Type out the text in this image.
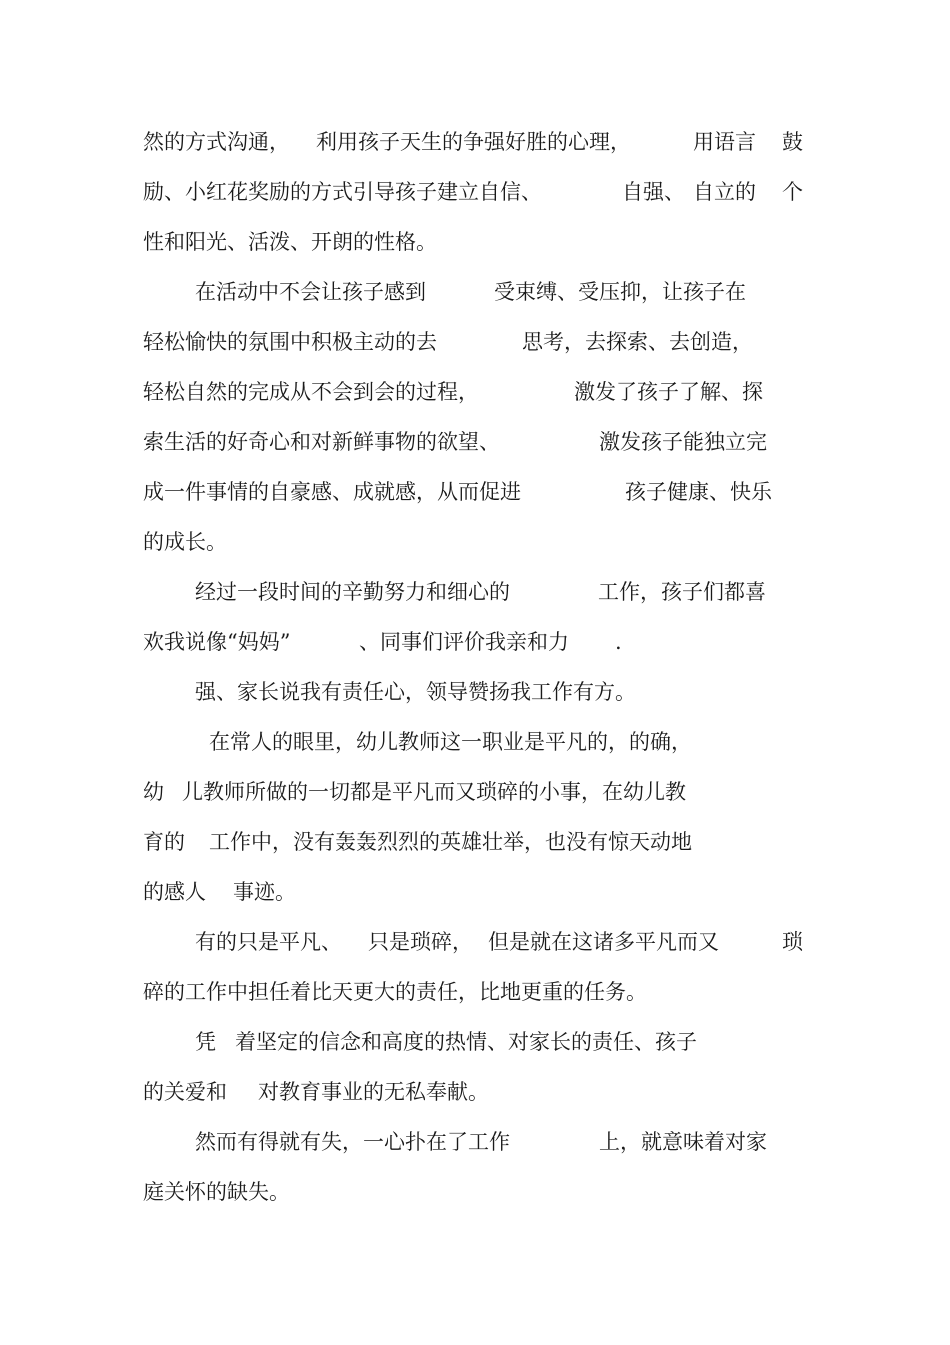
然的方式沟通，

利用孩子天生的争强好胜的心理，

	用语言

鼓

励、小红花奖励的方式引导孩子建立自信、

	自强、

自立的

个

性和阳光、活泼、开朗的性格。

在活动中不会让孩子感到

	受束缚、受压抑，让孩子在

轻松愉快的氛围中积极主动的去

	思考，去探索、去创造，

轻松自然的完成从不会到会的过程，

	激发了孩子了解、探

索生活的好奇心和对新鲜事物的欲望、

	激发孩子能独立完

成一件事情的自豪感、成就感，从而促进

	孩子健康、快乐

的成长。

经过一段时间的辛勤努力和细心的

	工作，孩子们都喜

欢我说像“妈妈”

	、同事们评价我亲和力

.

强、家长说我有责任心，领导赞扬我工作有方。

在常人的眼里，幼儿教师这一职业是平凡的，的确，

幼

儿教师所做的一切都是平凡而又琐碎的小事，在幼儿教

育的

工作中，没有轰轰烈烈的英雄壮举，也没有惊天动地

的感人

事迹。

有的只是平凡、

只是琐碎，

但是就在这诸多平凡而又

	琐

碎的工作中担任着比天更大的责任，比地更重的任务。

凭

着坚定的信念和高度的热情、对家长的责任、孩子

的关爱和

对教育事业的无私奉献。

然而有得就有失，一心扑在了工作

	上，就意味着对家

庭关怀的缺失。
